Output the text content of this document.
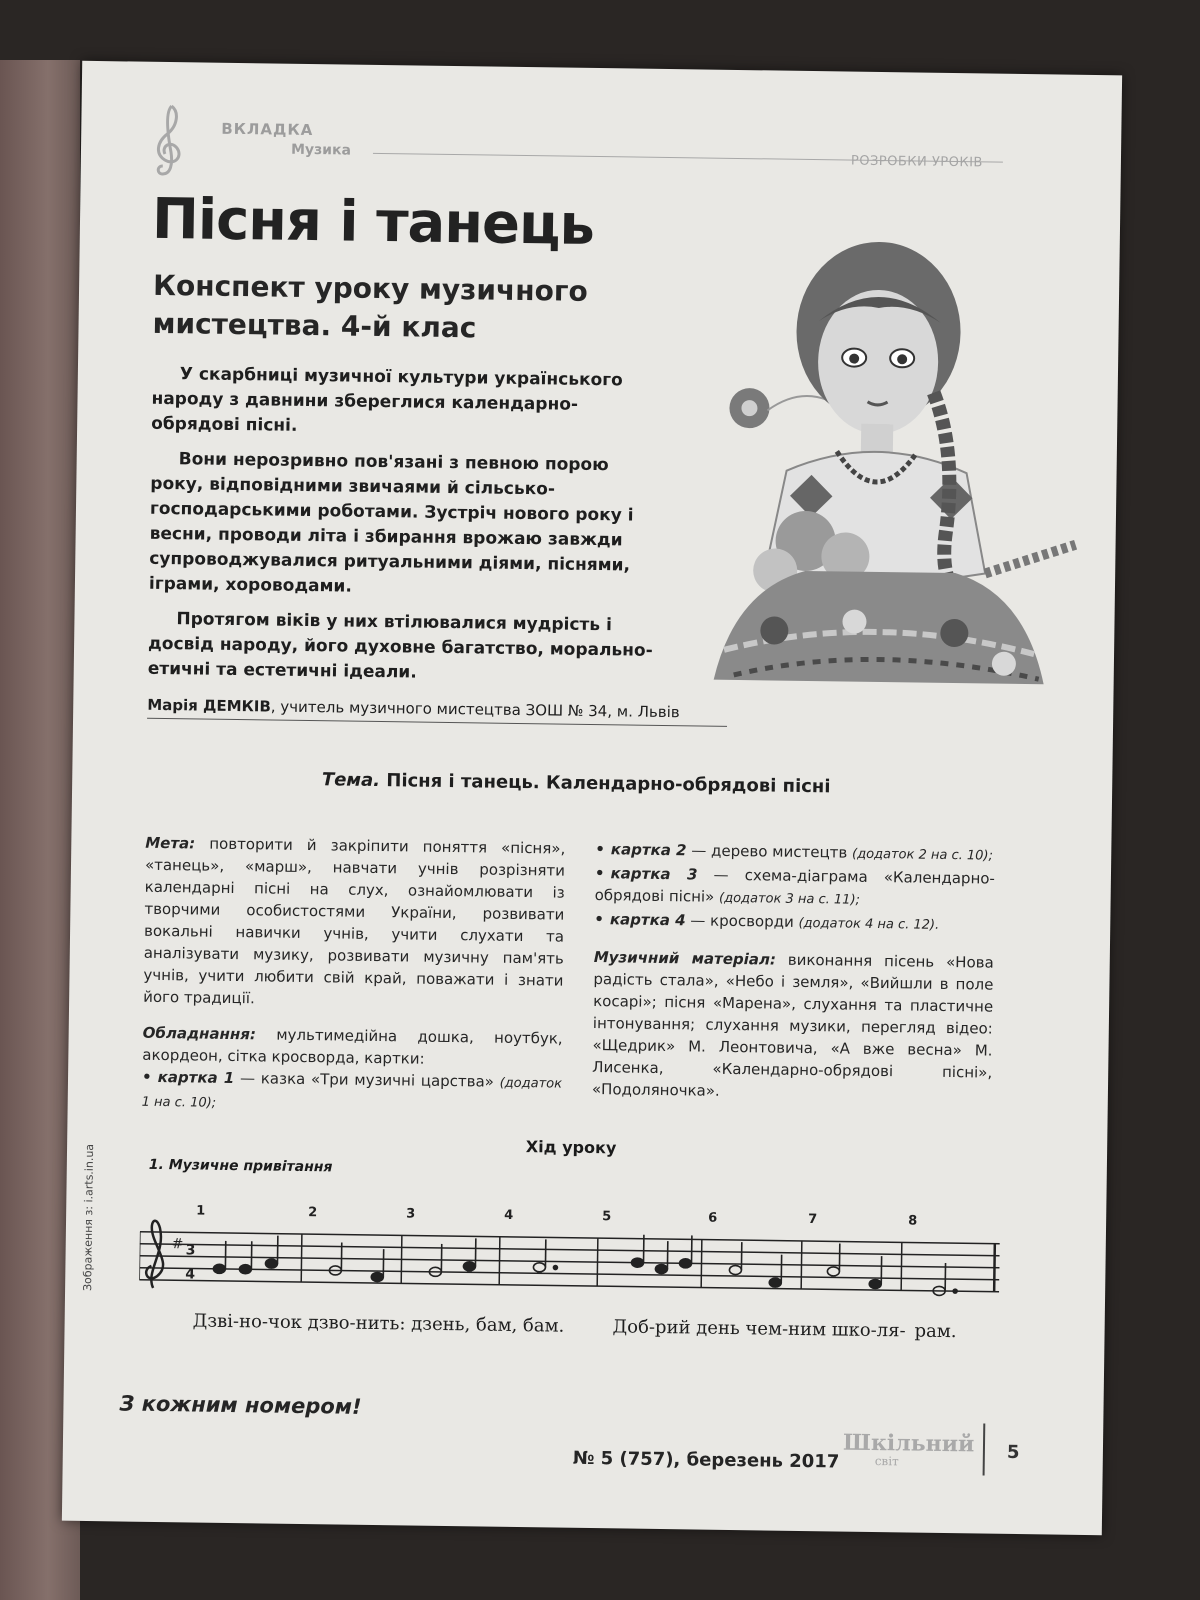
ВКЛАДКА
Музика
РОЗРОБКИ УРОКІВ
Пісня і танець
Конспект уроку музичного мистецтва. 4-й клас

У скарбниці музичної культури українського народу з давнини збереглися календарно-обрядові пісні.

Вони нерозривно пов'язані з певною порою року, відповідними звичаями й сільсько-господарськими роботами. Зустріч нового року і весни, проводи літа і збирання врожаю завжди супроводжувалися ритуальними діями, піснями, іграми, хороводами.

Протягом віків у них втілювалися мудрість і досвід народу, його духовне багатство, морально-етичні та естетичні ідеали.

Марія ДЕМКІВ, учитель музичного мистецтва ЗОШ № 34, м. Львів
Тема. Пісня і танець. Календарно-обрядові пісні

Мета: повторити й закріпити поняття «пісня», «танець», «марш», навчати учнів розрізняти календарні пісні на слух, ознайомлювати із творчими особистостями України, розвивати вокальні навички учнів, учити слухати та аналізувати музику, розвивати музичну пам'ять учнів, учити любити свій край, поважати і знати його традиції.

Обладнання: мультимедійна дошка, ноутбук, акордеон, сітка кросворда, картки:

• картка 1 — казка «Три музичні царства» (додаток 1 на с. 10);
• картка 2 — дерево мистецтв (додаток 2 на с. 10);
• картка 3 — схема-діаграма «Календарно-обрядові пісні» (додаток 3 на с. 11);
• картка 4 — кросворди (додаток 4 на с. 12).

Музичний матеріал: виконання пісень «Нова радість стала», «Небо і земля», «Вийшли в поле косарі»; пісня «Марена», слухання та пластичне інтонування; слухання музики, перегляд відео: «Щедрик» М. Леонтовича, «А вже весна» М. Лисенка, «Календарно-обрядові пісні», «Подоляночка».

Хід уроку
1. Музичне привітання
Зображення з: i.arts.in.ua	# 3
4
1	2	3	4	5	6	7	8
Дзві-но-чок дзво-нить: дзень, бам, бам.	Доб-рий день чем-ним шко-ля- рам.
З кожним номером!
№ 5 (757), березень 2017
Шкільний
світ	5
